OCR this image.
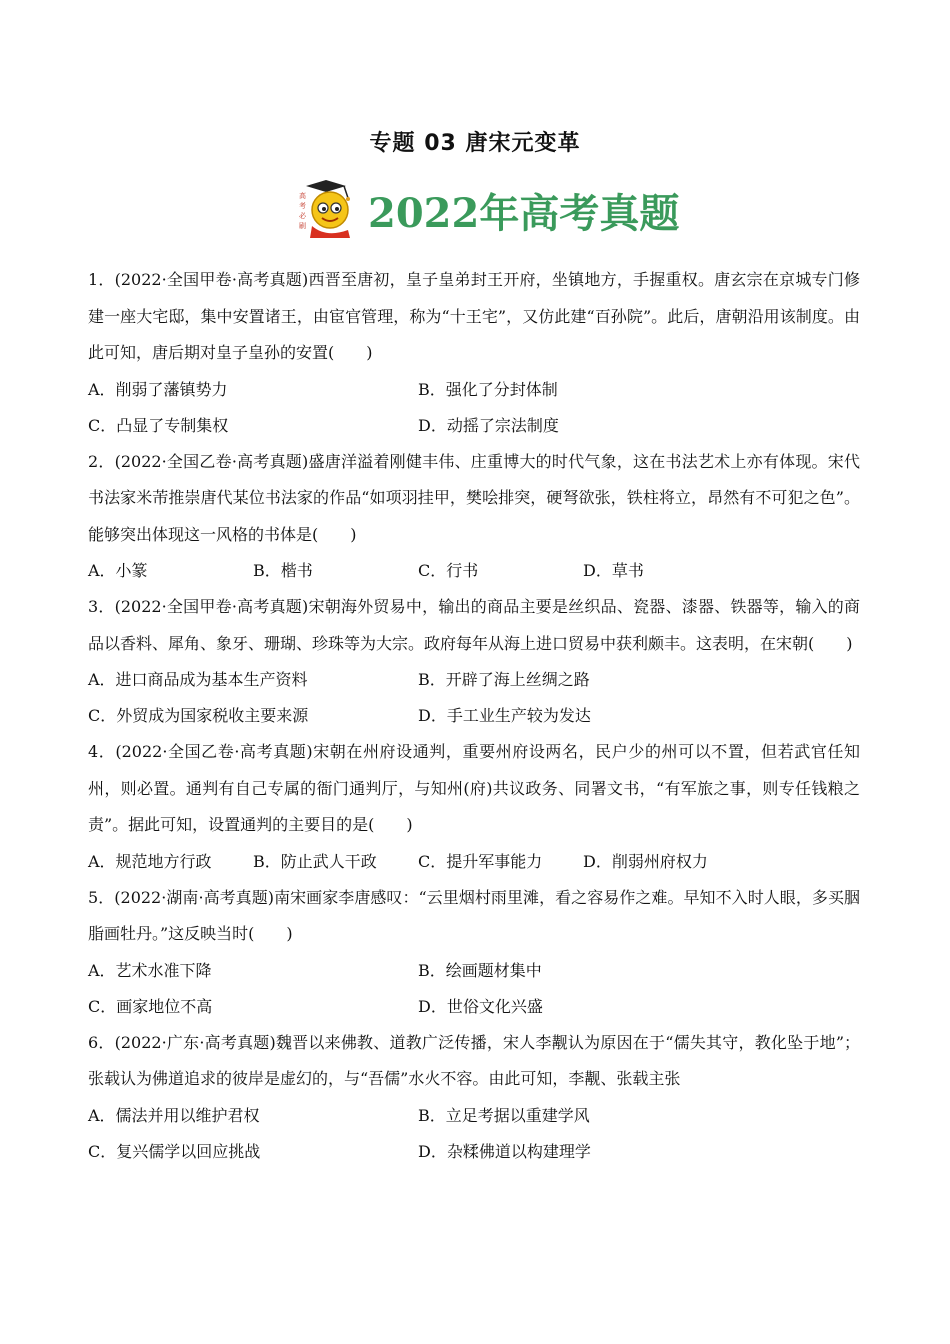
专题 03 唐宋元变革
高
考
必
刷 2022年高考真题
1．(2022·全国甲卷·高考真题)西晋至唐初，皇子皇弟封王开府，坐镇地方，手握重权。唐玄宗在京城专门修建一座大宅邸，集中安置诸王，由宦官管理，称为“十王宅”，又仿此建“百孙院”。此后，唐朝沿用该制度。由此可知，唐后期对皇子皇孙的安置(　　)
A．削弱了藩镇势力	B．强化了分封体制
C．凸显了专制集权	D．动摇了宗法制度
2．(2022·全国乙卷·高考真题)盛唐洋溢着刚健丰伟、庄重博大的时代气象，这在书法艺术上亦有体现。宋代书法家米芾推崇唐代某位书法家的作品“如项羽挂甲，樊哙排突，硬弩欲张，铁柱将立，昂然有不可犯之色”。能够突出体现这一风格的书体是(　　)
A．小篆	B．楷书	C．行书	D．草书
3．(2022·全国甲卷·高考真题)宋朝海外贸易中，输出的商品主要是丝织品、瓷器、漆器、铁器等，输入的商品以香料、犀角、象牙、珊瑚、珍珠等为大宗。政府每年从海上进口贸易中获利颇丰。这表明，在宋朝(　　)
A．进口商品成为基本生产资料	B．开辟了海上丝绸之路
C．外贸成为国家税收主要来源	D．手工业生产较为发达
4．(2022·全国乙卷·高考真题)宋朝在州府设通判，重要州府设两名，民户少的州可以不置，但若武官任知州，则必置。通判有自己专属的衙门通判厅，与知州(府)共议政务、同署文书，“有军旅之事，则专任钱粮之责”。据此可知，设置通判的主要目的是(　　)
A．规范地方行政	B．防止武人干政	C．提升军事能力	D．削弱州府权力
5．(2022·湖南·高考真题)南宋画家李唐感叹：“云里烟村雨里滩，看之容易作之难。早知不入时人眼，多买胭脂画牡丹。”这反映当时(　　)
A．艺术水准下降	B．绘画题材集中
C．画家地位不高	D．世俗文化兴盛
6．(2022·广东·高考真题)魏晋以来佛教、道教广泛传播，宋人李觏认为原因在于“儒失其守，教化坠于地”；张载认为佛道追求的彼岸是虚幻的，与“吾儒”水火不容。由此可知，李觏、张载主张
A．儒法并用以维护君权	B．立足考据以重建学风
C．复兴儒学以回应挑战	D．杂糅佛道以构建理学
